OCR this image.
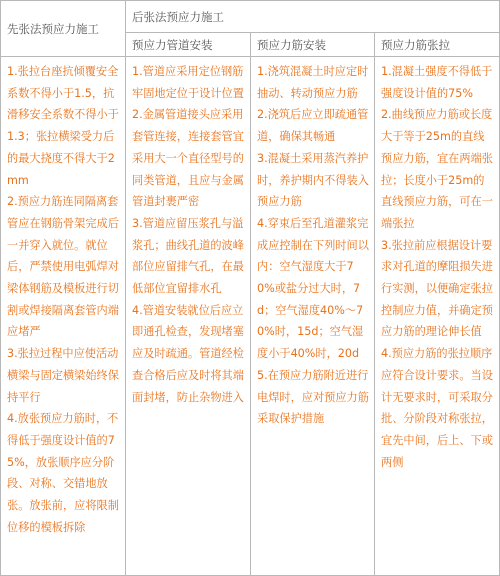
先张法预应力施工
后张法预应力施工
预应力管道安装	预应力筋安装	预应力筋张拉

1.张拉台座抗倾覆安全系数不得小于1.5，抗滑移安全系数不得小于1.3；张拉横梁受力后的最大挠度不得大于2mm

2.预应力筋连同隔离套管应在钢筋骨架完成后一并穿入就位。就位后，严禁使用电弧焊对梁体钢筋及模板进行切割或焊接隔离套管内端应堵严

3.张拉过程中应使活动横梁与固定横梁始终保持平行

4.放张预应力筋时，不得低于强度设计值的75%，放张顺序应分阶段、对称、交错地放张。放张前，应将限制位移的模板拆除

1.管道应采用定位钢筋牢固地定位于设计位置

2.金属管道接头应采用套管连接，连接套管宜采用大一个直径型号的同类管道，且应与金属管道封裹严密

3.管道应留压浆孔与溢浆孔；曲线孔道的波峰部位应留排气孔，在最低部位宜留排水孔

4.管道安装就位后应立即通孔检查，发现堵塞应及时疏通。管道经检查合格后应及时将其端面封堵，防止杂物进入

1.浇筑混凝土时应定时抽动、转动预应力筋

2.浇筑后应立即疏通管道，确保其畅通

3.混凝土采用蒸汽养护时，养护期内不得装入预应力筋

4.穿束后至孔道灌浆完成应控制在下列时间以内：空气湿度大于70%或盐分过大时，7d；空气湿度40%～70%时，15d；空气湿度小于40%时，20d

5.在预应力筋附近进行电焊时，应对预应力筋采取保护措施

1.混凝土强度不得低于强度设计值的75%

2.曲线预应力筋或长度大于等于25m的直线预应力筋，宜在两端张拉；长度小于25m的直线预应力筋，可在一端张拉

3.张拉前应根据设计要求对孔道的摩阻损失进行实测，以便确定张拉控制应力值，并确定预应力筋的理论伸长值

4.预应力筋的张拉顺序应符合设计要求。当设计无要求时，可采取分批、分阶段对称张拉，宜先中间，后上、下或两侧
